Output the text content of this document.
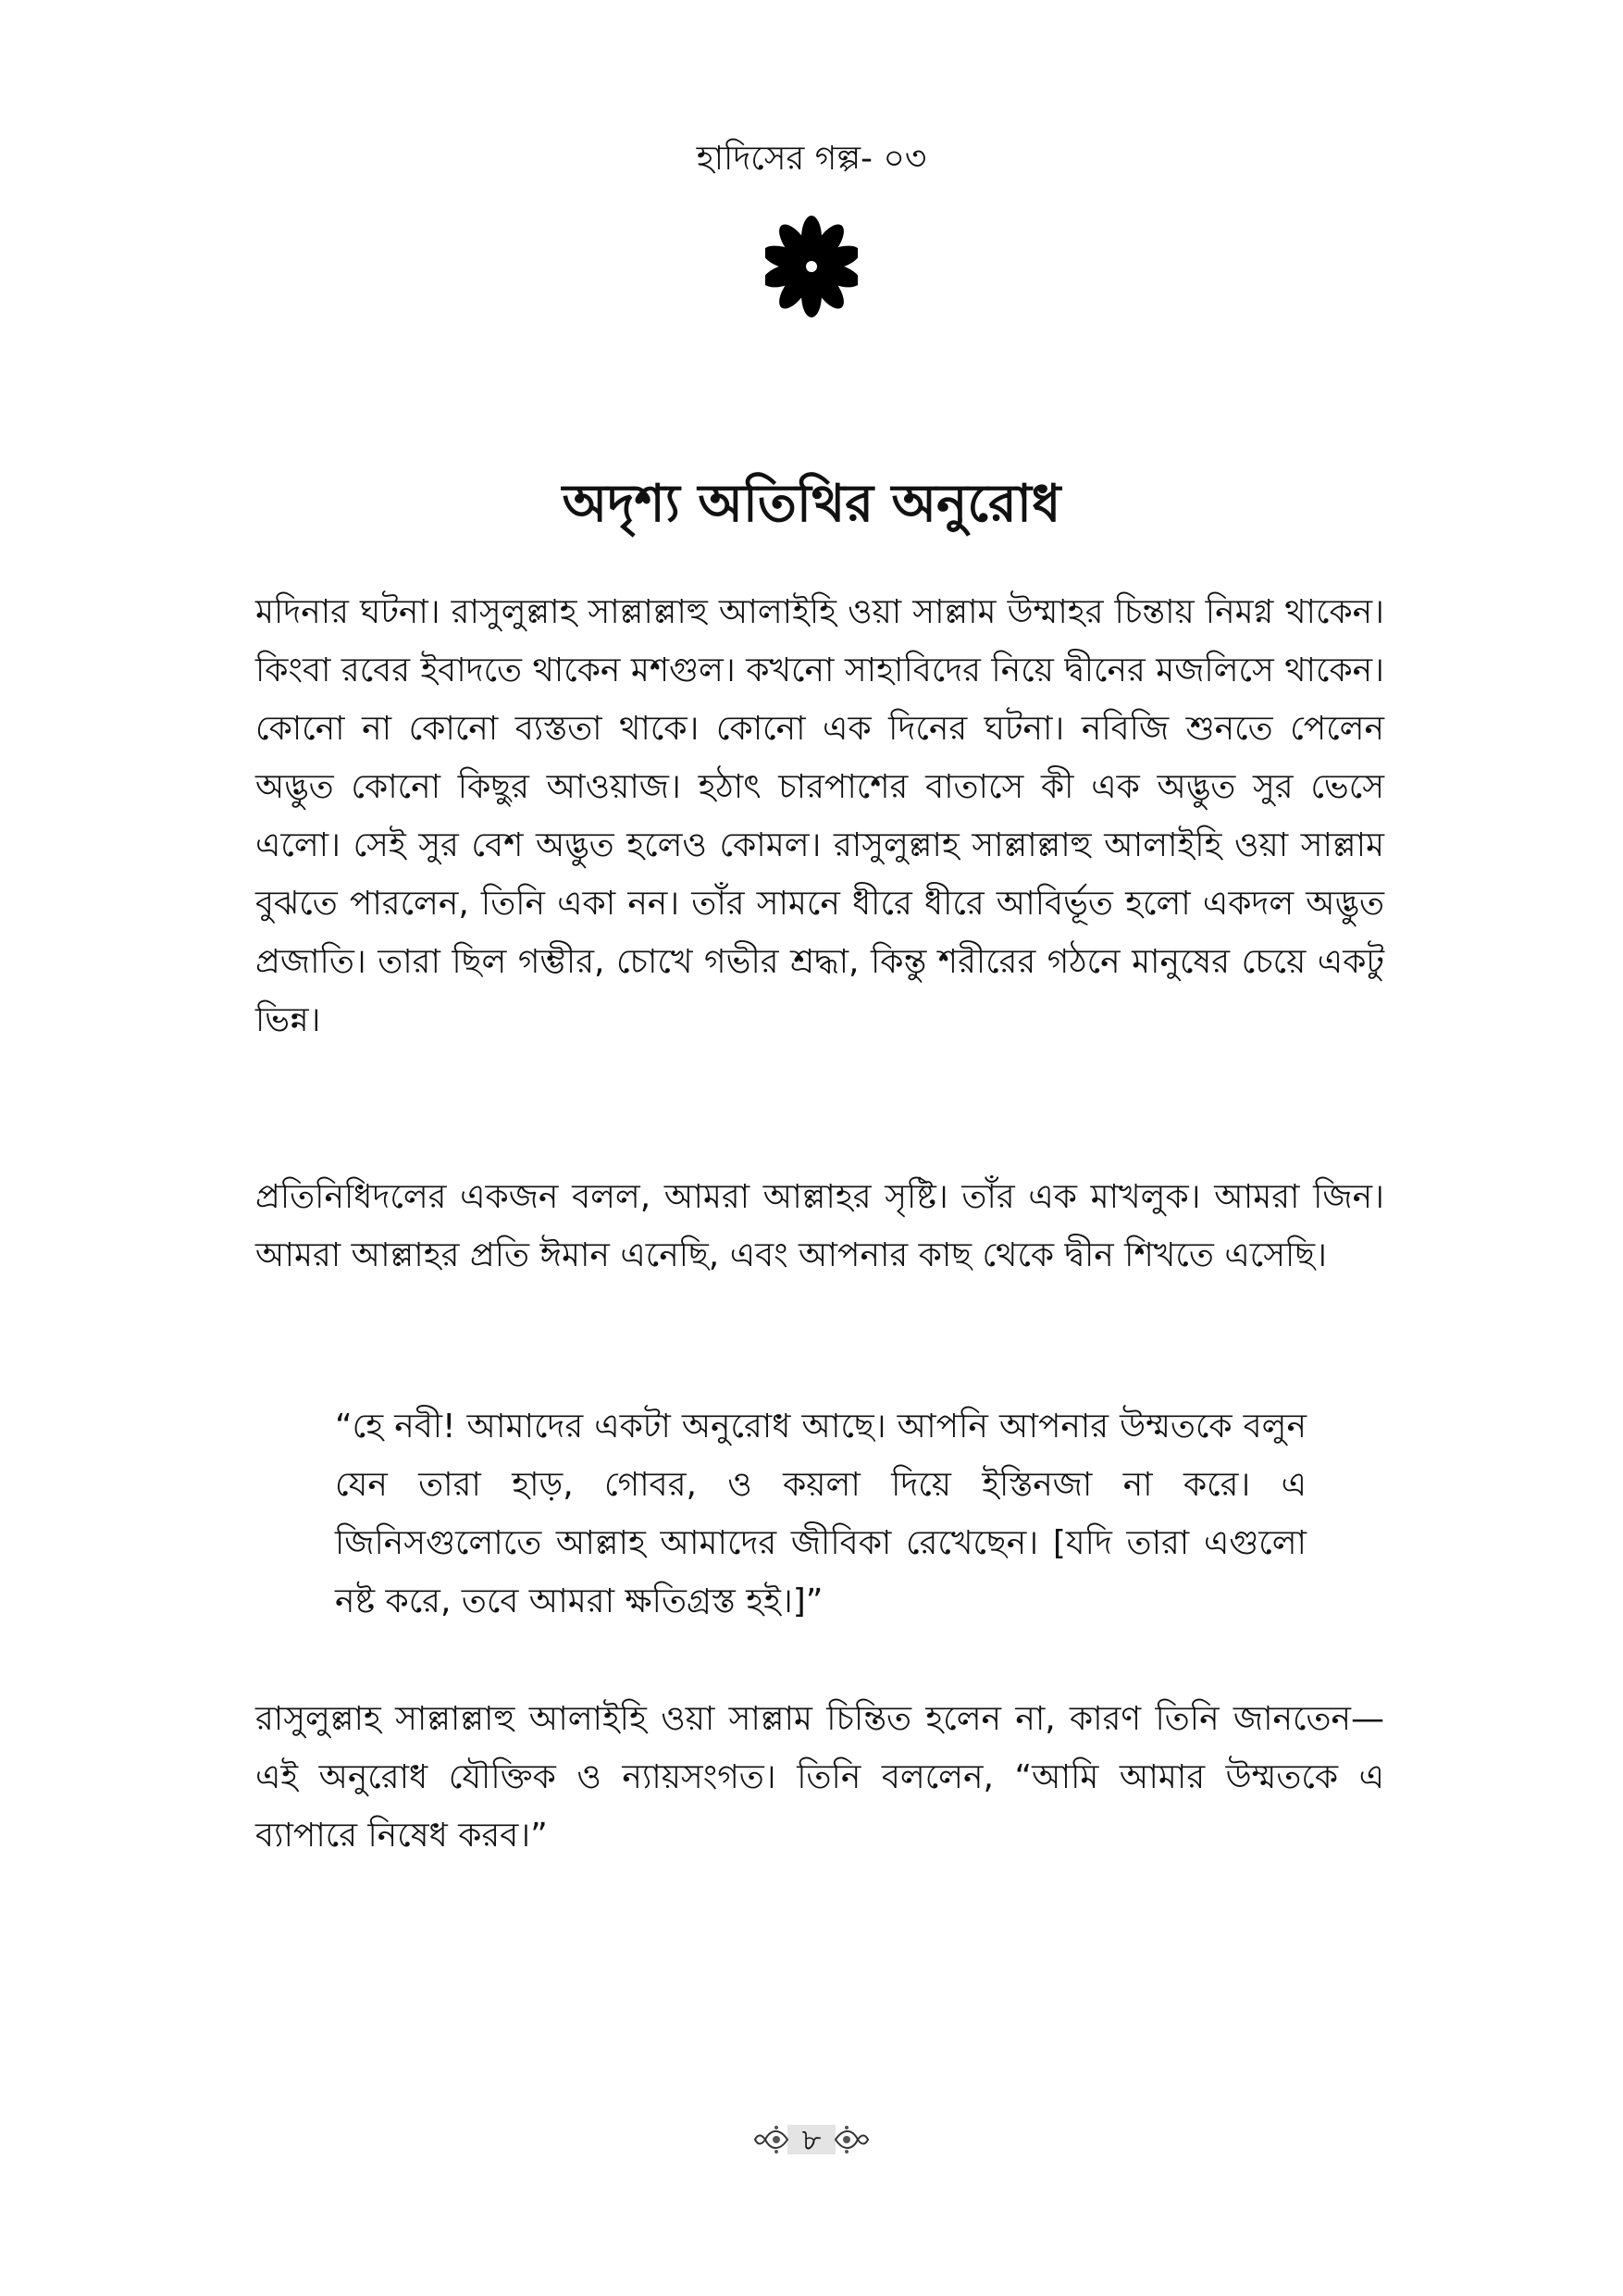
হাদিসের গল্প- ০৩
অদৃশ্য অতিথির অনুরোধ

মদিনার ঘটনা। রাসুলুল্লাহ সাল্লাল্লাহু আলাইহি ওয়া সাল্লাম উম্মাহর চিন্তায় নিমগ্ন থাকেন। কিংবা রবের ইবাদতে থাকেন মশগুল। কখনো সাহাবিদের নিয়ে দ্বীনের মজলিসে থাকেন। কোনো না কোনো ব্যস্ততা থাকে। কোনো এক দিনের ঘটনা। নবিজি শুনতে পেলেন অদ্ভুত কোনো কিছুর আওয়াজ। হঠাৎ চারপাশের বাতাসে কী এক অদ্ভুত সুর ভেসে এলো। সেই সুর বেশ অদ্ভুত হলেও কোমল। রাসুলুল্লাহ সাল্লাল্লাহু আলাইহি ওয়া সাল্লাম বুঝতে পারলেন, তিনি একা নন। তাঁর সামনে ধীরে ধীরে আবির্ভূত হলো একদল অদ্ভুত প্রজাতি। তারা ছিল গম্ভীর, চোখে গভীর শ্রদ্ধা, কিন্তু শরীরের গঠনে মানুষের চেয়ে একটু ভিন্ন।

প্রতিনিধিদলের একজন বলল, আমরা আল্লাহর সৃষ্টি। তাঁর এক মাখলুক। আমরা জিন। আমরা আল্লাহর প্রতি ঈমান এনেছি, এবং আপনার কাছ থেকে দ্বীন শিখতে এসেছি।

“হে নবী! আমাদের একটা অনুরোধ আছে। আপনি আপনার উম্মতকে বলুন যেন তারা হাড়, গোবর, ও কয়লা দিয়ে ইস্তিনজা না করে। এ জিনিসগুলোতে আল্লাহ আমাদের জীবিকা রেখেছেন। [যদি তারা এগুলো নষ্ট করে, তবে আমরা ক্ষতিগ্রস্ত হই।]”

রাসুলুল্লাহ সাল্লাল্লাহু আলাইহি ওয়া সাল্লাম চিন্তিত হলেন না, কারণ তিনি জানতেন—এই অনুরোধ যৌক্তিক ও ন্যায়সংগত। তিনি বললেন, “আমি আমার উম্মতকে এ ব্যাপারে নিষেধ করব।”

৮
